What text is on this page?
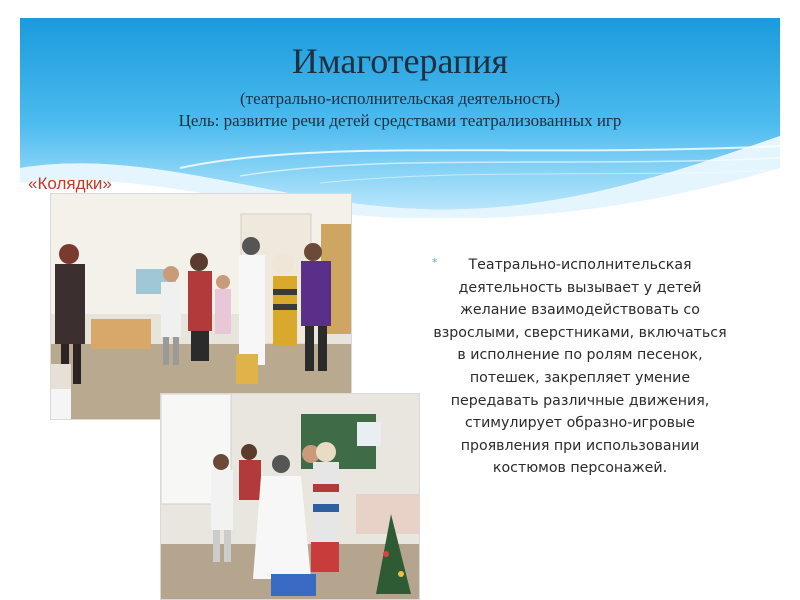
Имаготерапия
(театрально-исполнительская деятельность)
Цель: развитие речи детей средствами театрализованных игр
«Колядки»
*	Театрально-исполнительская деятельность вызывает у детей желание взаимодействовать со взрослыми, сверстниками, включаться в исполнение по ролям песенок, потешек, закрепляет умение передавать различные движения, стимулирует образно-игровые проявления при использовании костюмов персонажей.
